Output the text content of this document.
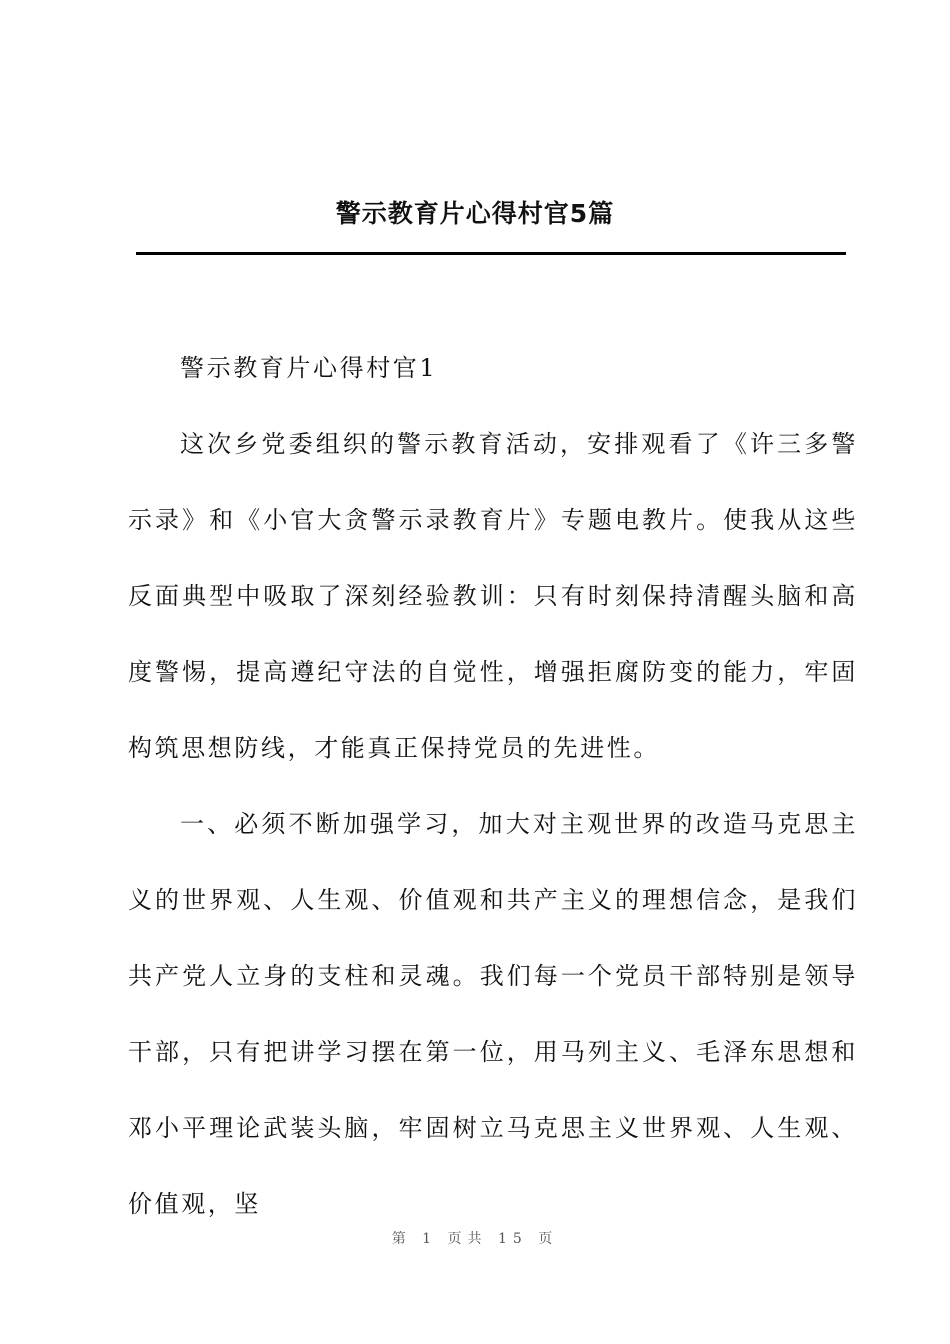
警示教育片心得村官5篇

警示教育片心得村官1

这次乡党委组织的警示教育活动，安排观看了《许三多警示录》和《小官大贪警示录教育片》专题电教片。使我从这些反面典型中吸取了深刻经验教训：只有时刻保持清醒头脑和高度警惕，提高遵纪守法的自觉性，增强拒腐防变的能力，牢固构筑思想防线，才能真正保持党员的先进性。

一、必须不断加强学习，加大对主观世界的改造马克思主义的世界观、人生观、价值观和共产主义的理想信念，是我们共产党人立身的支柱和灵魂。我们每一个党员干部特别是领导干部，只有把讲学习摆在第一位，用马列主义、毛泽东思想和邓小平理论武装头脑，牢固树立马克思主义世界观、人生观、价值观，坚

第 1 页共 15 页
